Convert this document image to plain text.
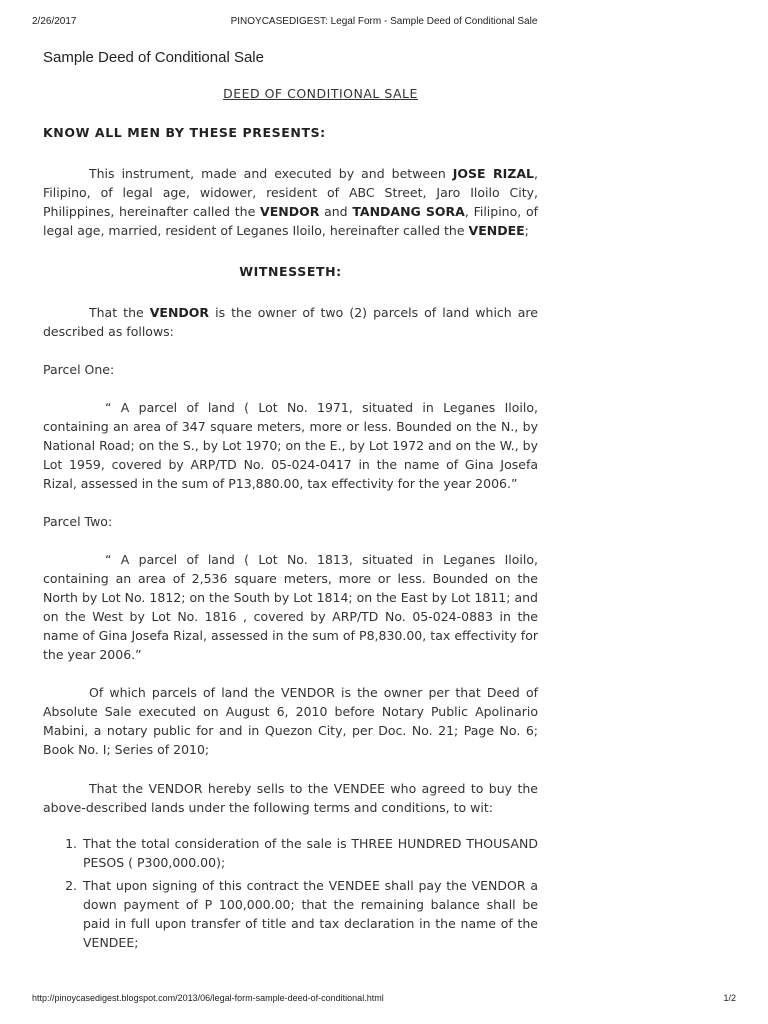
2/26/2017	PINOYCASEDIGEST: Legal Form - Sample Deed of Conditional Sale
Sample Deed of Conditional Sale

DEED OF CONDITIONAL SALE

KNOW ALL MEN BY THESE PRESENTS:

This instrument, made and executed by and between JOSE RIZAL, Filipino, of legal age, widower, resident of ABC Street, Jaro Iloilo City, Philippines, hereinafter called the VENDOR and TANDANG SORA, Filipino, of legal age, married, resident of Leganes Iloilo, hereinafter called the VENDEE;

WITNESSETH:

That the VENDOR is the owner of two (2) parcels of land which are described as follows:

Parcel One:

“ A parcel of land ( Lot No. 1971, situated in Leganes Iloilo, containing an area of 347 square meters, more or less. Bounded on the N., by National Road; on the S., by Lot 1970; on the E., by Lot 1972 and on the W., by Lot 1959, covered by ARP/TD No. 05-024-0417 in the name of Gina Josefa Rizal, assessed in the sum of P13,880.00, tax effectivity for the year 2006.”

Parcel Two:

“ A parcel of land ( Lot No. 1813, situated in Leganes Iloilo, containing an area of 2,536 square meters, more or less. Bounded on the North by Lot No. 1812; on the South by Lot 1814; on the East by Lot 1811; and on the West by Lot No. 1816 , covered by ARP/TD No. 05-024-0883 in the name of Gina Josefa Rizal, assessed in the sum of P8,830.00, tax effectivity for the year 2006.”

Of which parcels of land the VENDOR is the owner per that Deed of Absolute Sale executed on August 6, 2010 before Notary Public Apolinario Mabini, a notary public for and in Quezon City, per Doc. No. 21; Page No. 6; Book No. I; Series of 2010;

That the VENDOR hereby sells to the VENDEE who agreed to buy the above-described lands under the following terms and conditions, to wit:

1. That the total consideration of the sale is THREE HUNDRED THOUSAND PESOS ( P300,000.00);
2. That upon signing of this contract the VENDEE shall pay the VENDOR a down payment of P 100,000.00; that the remaining balance shall be paid in full upon transfer of title and tax declaration in the name of the VENDEE;
http://pinoycasedigest.blogspot.com/2013/06/legal-form-sample-deed-of-conditional.html	1/2
